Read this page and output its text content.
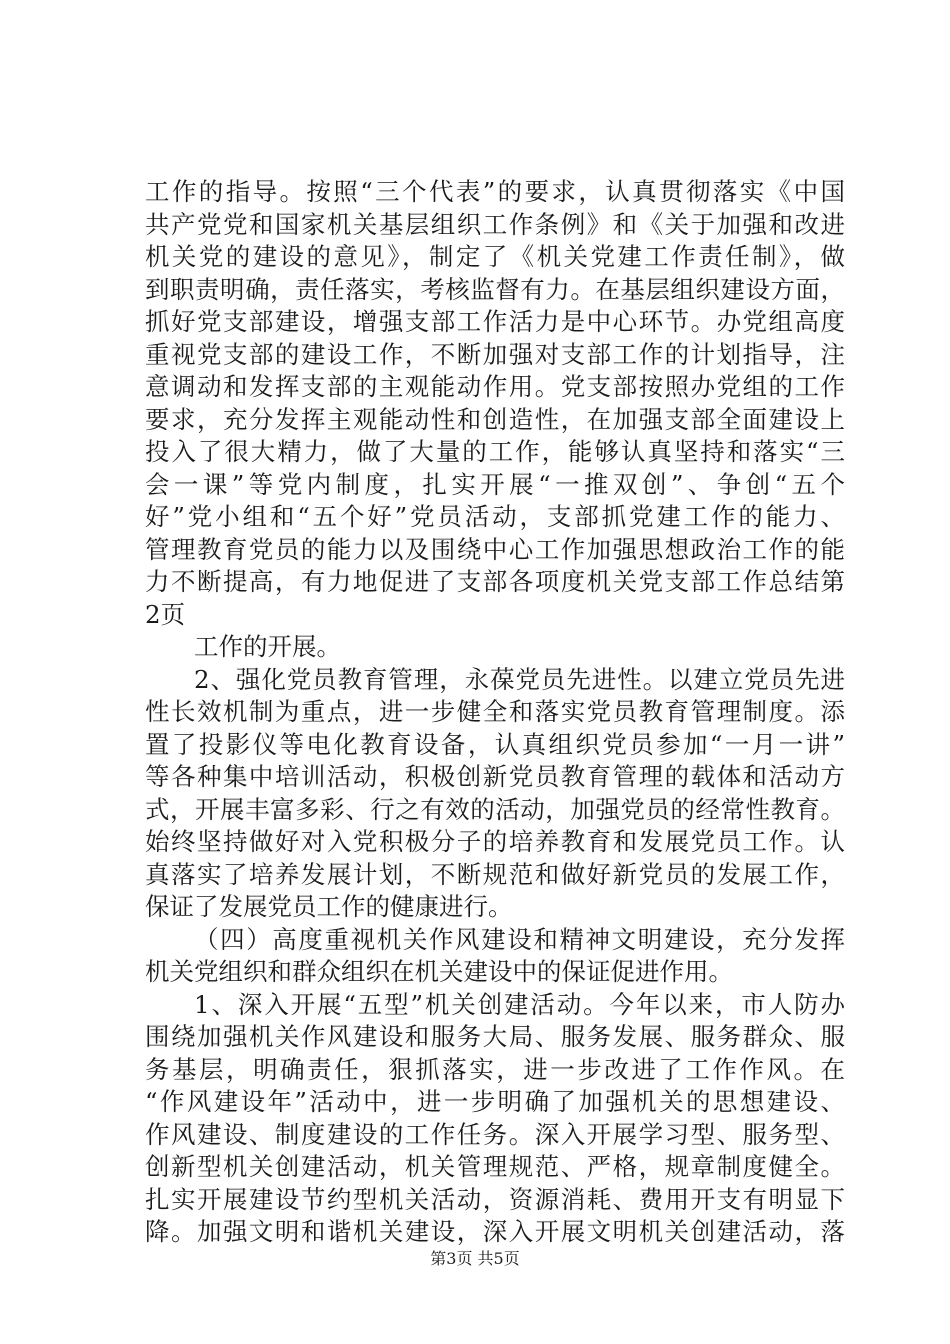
工作的指导。按照“三个代表”的要求，认真贯彻落实《中国
共产党党和国家机关基层组织工作条例》和《关于加强和改进
机关党的建设的意见》，制定了《机关党建工作责任制》，做
到职责明确，责任落实，考核监督有力。在基层组织建设方面，
抓好党支部建设，增强支部工作活力是中心环节。办党组高度
重视党支部的建设工作，不断加强对支部工作的计划指导，注
意调动和发挥支部的主观能动作用。党支部按照办党组的工作
要求，充分发挥主观能动性和创造性，在加强支部全面建设上
投入了很大精力，做了大量的工作，能够认真坚持和落实“三
会一课”等党内制度，扎实开展“一推双创”、争创“五个
好”党小组和“五个好”党员活动，支部抓党建工作的能力、
管理教育党员的能力以及围绕中心工作加强思想政治工作的能
力不断提高，有力地促进了支部各项度机关党支部工作总结第
2页
工作的开展。
2、强化党员教育管理，永葆党员先进性。以建立党员先进
性长效机制为重点，进一步健全和落实党员教育管理制度。添
置了投影仪等电化教育设备，认真组织党员参加“一月一讲”
等各种集中培训活动，积极创新党员教育管理的载体和活动方
式，开展丰富多彩、行之有效的活动，加强党员的经常性教育。
始终坚持做好对入党积极分子的培养教育和发展党员工作。认
真落实了培养发展计划，不断规范和做好新党员的发展工作，
保证了发展党员工作的健康进行。
（四）高度重视机关作风建设和精神文明建设，充分发挥
机关党组织和群众组织在机关建设中的保证促进作用。
1、深入开展“五型”机关创建活动。今年以来，市人防办
围绕加强机关作风建设和服务大局、服务发展、服务群众、服
务基层，明确责任，狠抓落实，进一步改进了工作作风。在
“作风建设年”活动中，进一步明确了加强机关的思想建设、
作风建设、制度建设的工作任务。深入开展学习型、服务型、
创新型机关创建活动，机关管理规范、严格，规章制度健全。
扎实开展建设节约型机关活动，资源消耗、费用开支有明显下
降。加强文明和谐机关建设，深入开展文明机关创建活动，落
第3页 共5页
